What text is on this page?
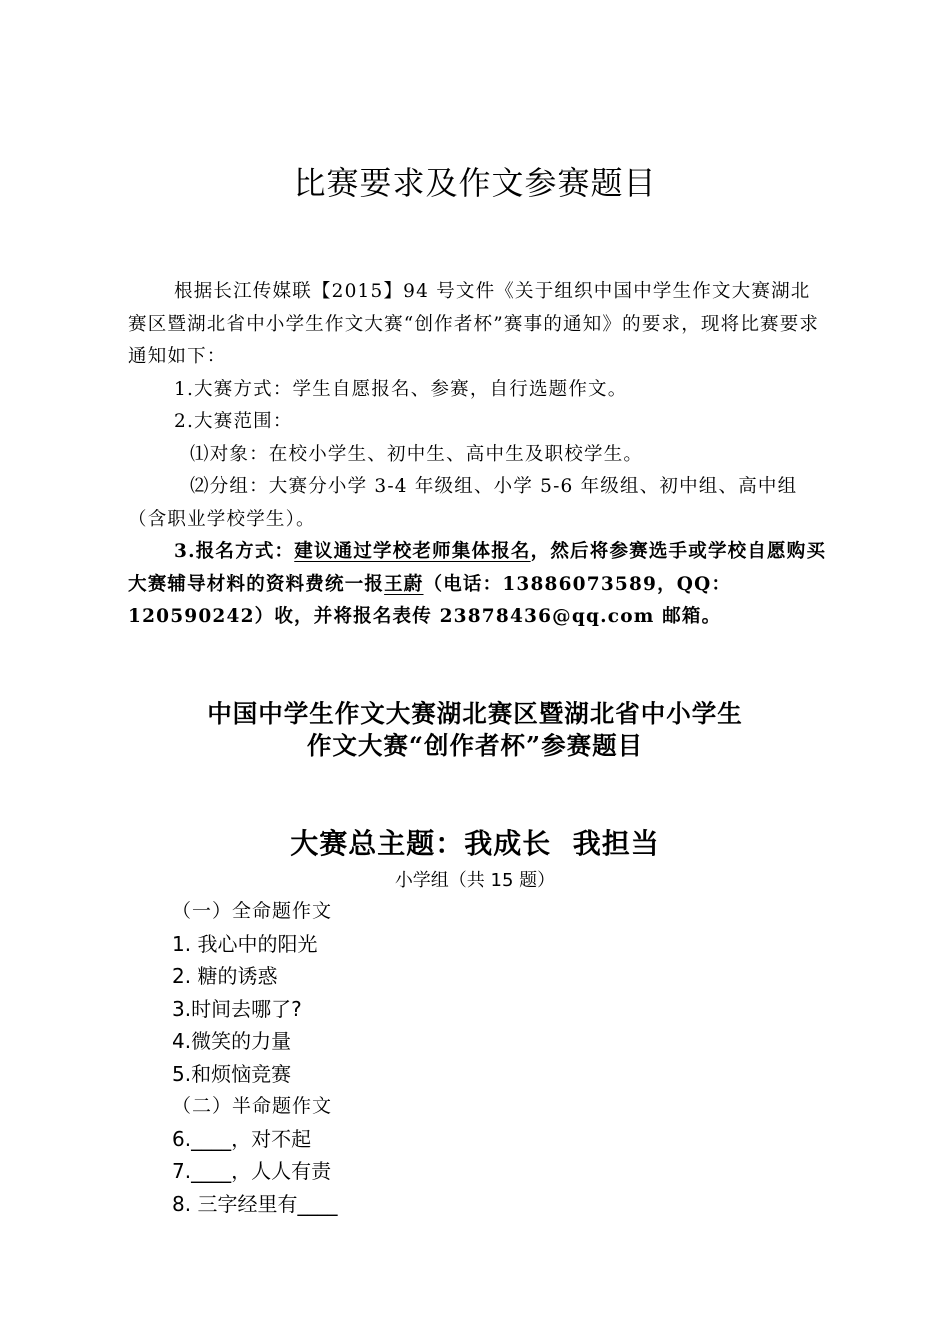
比赛要求及作文参赛题目

根据长江传媒联【2015】94 号文件《关于组织中国中学生作文大赛湖北赛区暨湖北省中小学生作文大赛“创作者杯”赛事的通知》的要求，现将比赛要求通知如下：

1.大赛方式：学生自愿报名、参赛，自行选题作文。

2.大赛范围：

⑴对象：在校小学生、初中生、高中生及职校学生。

⑵分组：大赛分小学 3-4 年级组、小学 5-6 年级组、初中组、高中组（含职业学校学生）。

3.报名方式：建议通过学校老师集体报名，然后将参赛选手或学校自愿购买大赛辅导材料的资料费统一报王蔚（电话：13886073589，QQ：120590242）收，并将报名表传 23878436@qq.com 邮箱。

中国中学生作文大赛湖北赛区暨湖北省中小学生
作文大赛“创作者杯”参赛题目
大赛总主题：我成长  我担当
小学组（共 15 题）
（一）全命题作文
1. 我心中的阳光
2. 糖的诱惑
3.时间去哪了?
4.微笑的力量
5.和烦恼竞赛
（二）半命题作文
6.____，对不起
7.____，人人有责
8. 三字经里有____
